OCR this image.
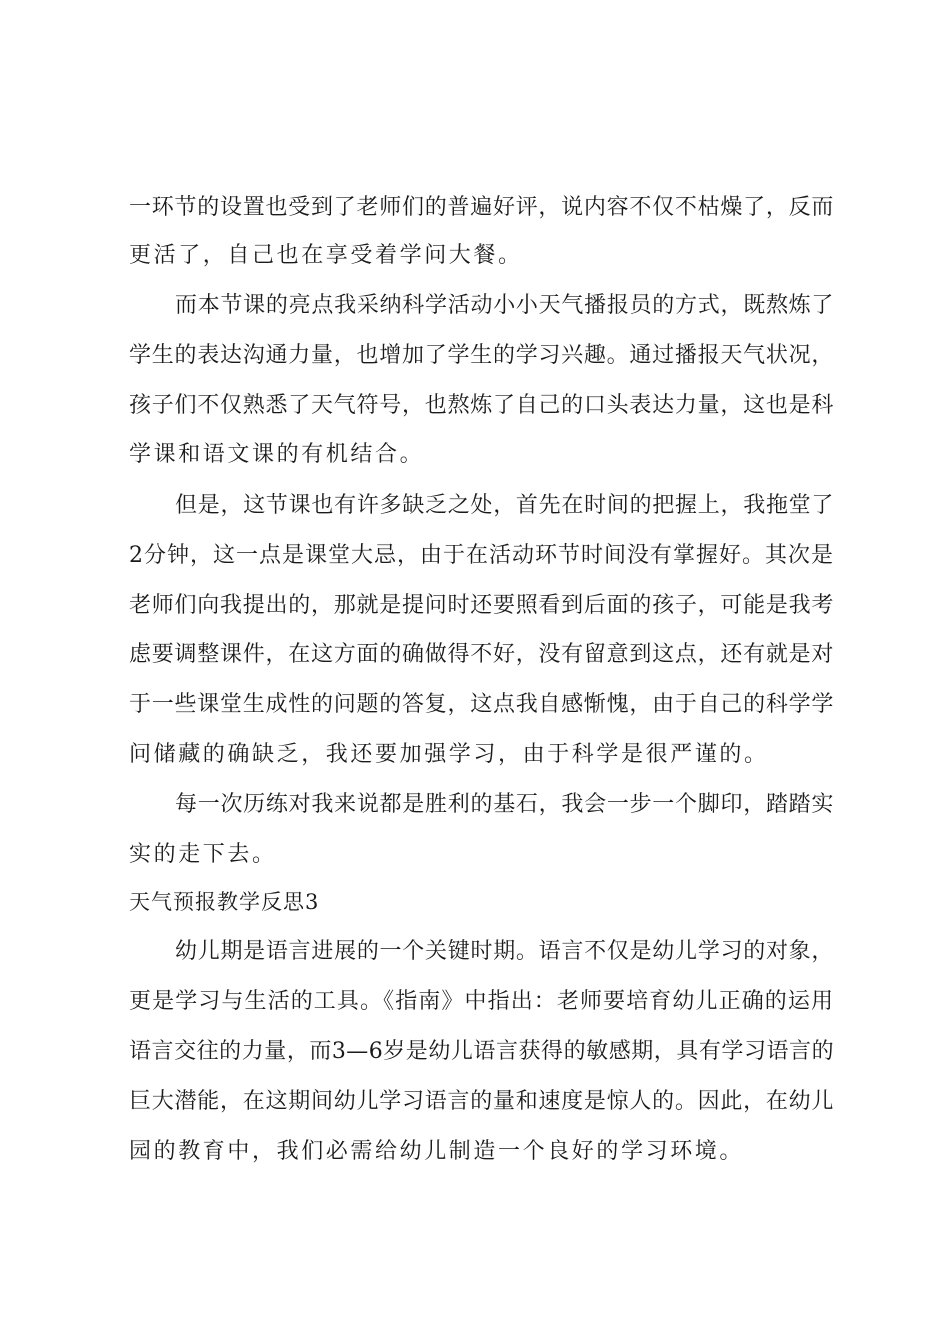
一环节的设置也受到了老师们的普遍好评，说内容不仅不枯燥了，反而
更活了，自己也在享受着学问大餐。
而本节课的亮点我采纳科学活动小小天气播报员的方式，既熬炼了
学生的表达沟通力量，也增加了学生的学习兴趣。通过播报天气状况，
孩子们不仅熟悉了天气符号，也熬炼了自己的口头表达力量，这也是科
学课和语文课的有机结合。
但是，这节课也有许多缺乏之处，首先在时间的把握上，我拖堂了
2分钟，这一点是课堂大忌，由于在活动环节时间没有掌握好。其次是
老师们向我提出的，那就是提问时还要照看到后面的孩子，可能是我考
虑要调整课件，在这方面的确做得不好，没有留意到这点，还有就是对
于一些课堂生成性的问题的答复，这点我自感惭愧，由于自己的科学学
问储藏的确缺乏，我还要加强学习，由于科学是很严谨的。
每一次历练对我来说都是胜利的基石，我会一步一个脚印，踏踏实
实的走下去。
天气预报教学反思3
幼儿期是语言进展的一个关键时期。语言不仅是幼儿学习的对象，
更是学习与生活的工具。《指南》中指出：老师要培育幼儿正确的运用
语言交往的力量，而3—6岁是幼儿语言获得的敏感期，具有学习语言的
巨大潜能，在这期间幼儿学习语言的量和速度是惊人的。因此，在幼儿
园的教育中，我们必需给幼儿制造一个良好的学习环境。
